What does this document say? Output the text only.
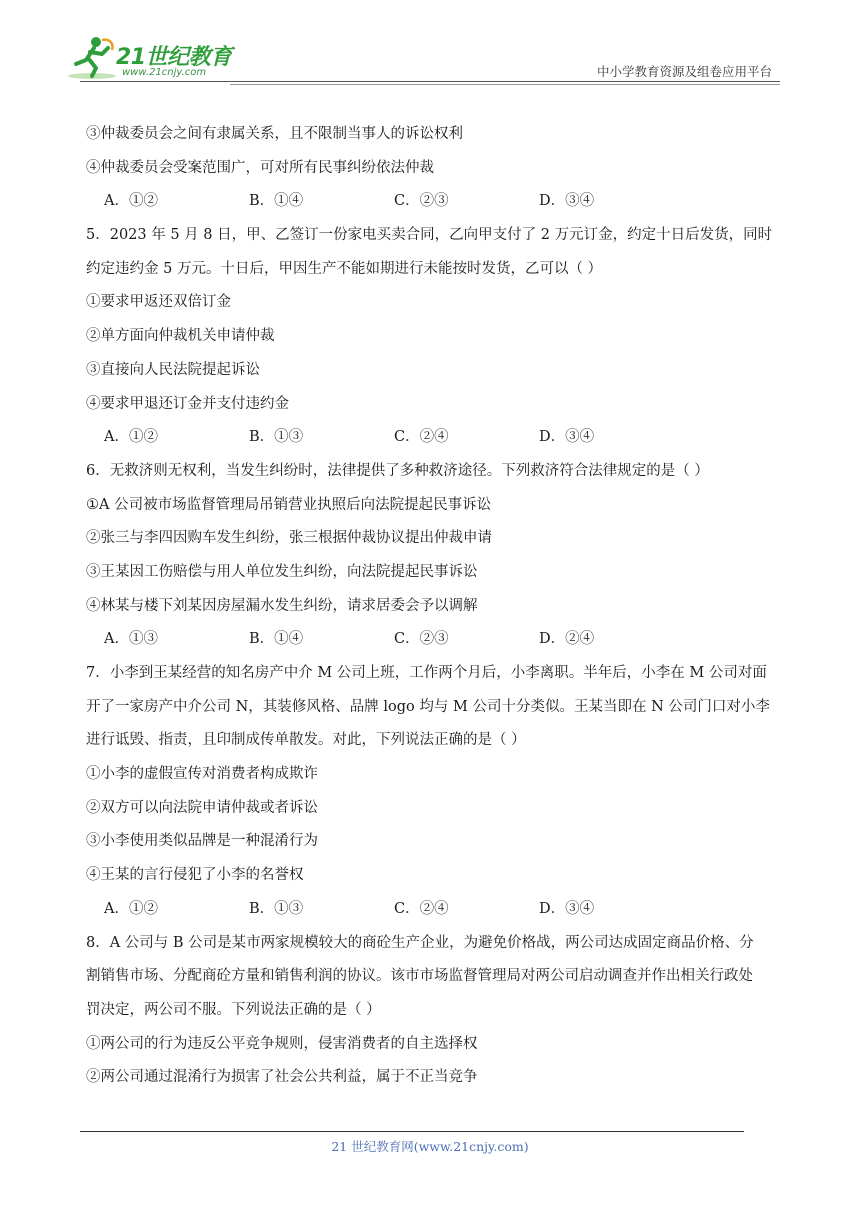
21世纪教育
www.21cnjy.com	中小学教育资源及组卷应用平台
③仲裁委员会之间有隶属关系，且不限制当事人的诉讼权利
④仲裁委员会受案范围广，可对所有民事纠纷依法仲裁
A．①②	B．①④	C．②③	D．③④
5．2023 年 5 月 8 日，甲、乙签订一份家电买卖合同，乙向甲支付了 2 万元订金，约定十日后发货，同时
约定违约金 5 万元。十日后，甲因生产不能如期进行未能按时发货，乙可以（ ）
①要求甲返还双倍订金
②单方面向仲裁机关申请仲裁
③直接向人民法院提起诉讼
④要求甲退还订金并支付违约金
A．①②	B．①③	C．②④	D．③④
6．无救济则无权利，当发生纠纷时，法律提供了多种救济途径。下列救济符合法律规定的是（ ）
①A 公司被市场监督管理局吊销营业执照后向法院提起民事诉讼
②张三与李四因购车发生纠纷，张三根据仲裁协议提出仲裁申请
③王某因工伤赔偿与用人单位发生纠纷，向法院提起民事诉讼
④林某与楼下刘某因房屋漏水发生纠纷，请求居委会予以调解
A．①③	B．①④	C．②③	D．②④
7．小李到王某经营的知名房产中介 M 公司上班，工作两个月后，小李离职。半年后，小李在 M 公司对面
开了一家房产中介公司 N，其装修风格、品牌 logo 均与 M 公司十分类似。王某当即在 N 公司门口对小李
进行诋毁、指责，且印制成传单散发。对此，下列说法正确的是（ ）
①小李的虚假宣传对消费者构成欺诈
②双方可以向法院申请仲裁或者诉讼
③小李使用类似品牌是一种混淆行为
④王某的言行侵犯了小李的名誉权
A．①②	B．①③	C．②④	D．③④
8．A 公司与 B 公司是某市两家规模较大的商砼生产企业，为避免价格战，两公司达成固定商品价格、分
割销售市场、分配商砼方量和销售利润的协议。该市市场监督管理局对两公司启动调查并作出相关行政处
罚决定，两公司不服。下列说法正确的是（ ）
①两公司的行为违反公平竞争规则，侵害消费者的自主选择权
②两公司通过混淆行为损害了社会公共利益，属于不正当竞争
21 世纪教育网(www.21cnjy.com)
